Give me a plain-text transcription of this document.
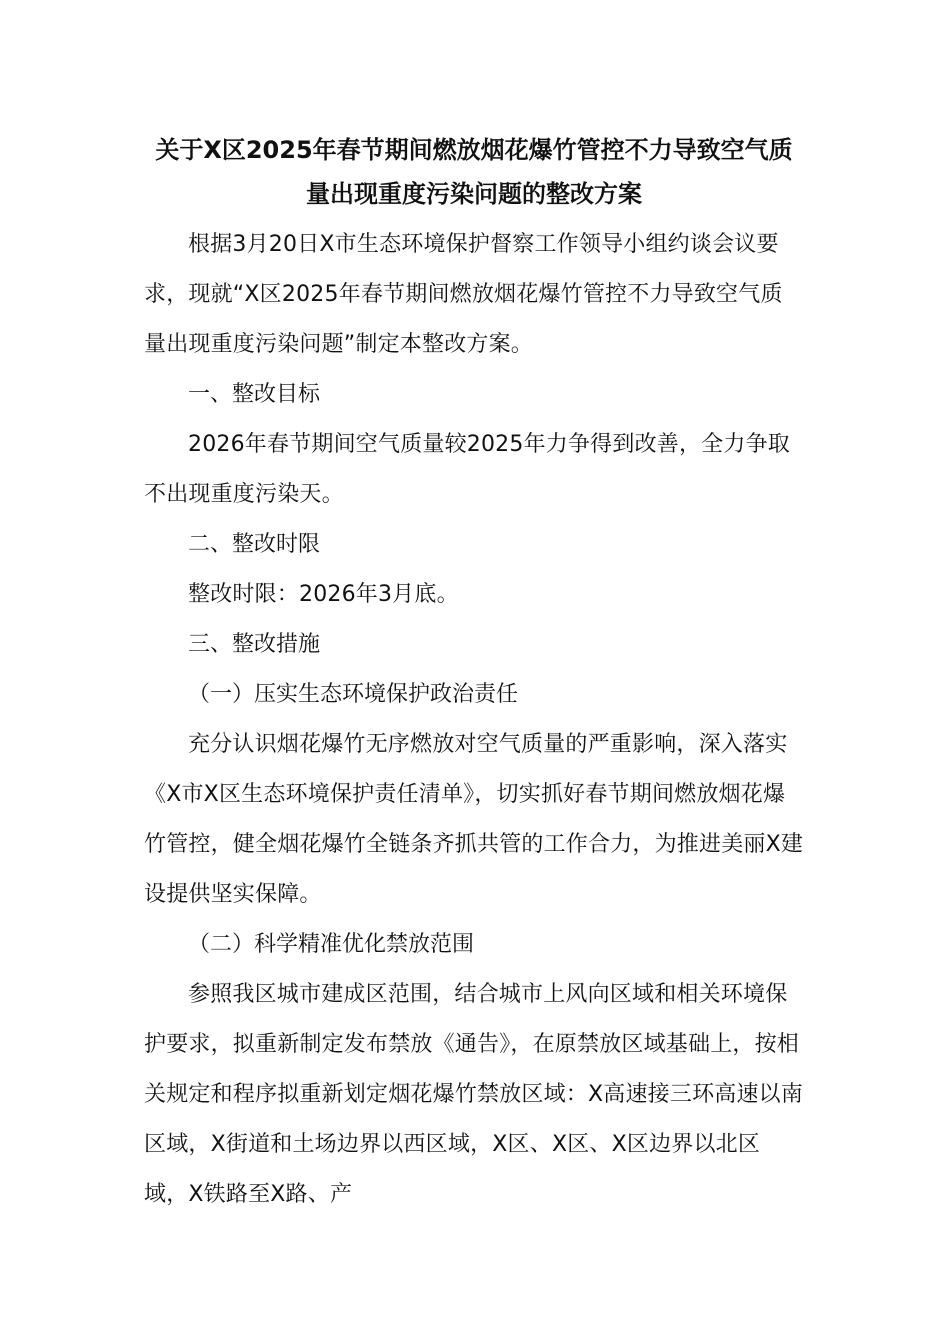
关于X区2025年春节期间燃放烟花爆竹管控不力导致空气质量出现重度污染问题的整改方案

根据3月20日X市生态环境保护督察工作领导小组约谈会议要求，现就“X区2025年春节期间燃放烟花爆竹管控不力导致空气质量出现重度污染问题”制定本整改方案。

一、整改目标

2026年春节期间空气质量较2025年力争得到改善，全力争取不出现重度污染天。

二、整改时限

整改时限：2026年3月底。

三、整改措施

（一）压实生态环境保护政治责任

充分认识烟花爆竹无序燃放对空气质量的严重影响，深入落实《X市X区生态环境保护责任清单》，切实抓好春节期间燃放烟花爆竹管控，健全烟花爆竹全链条齐抓共管的工作合力，为推进美丽X建设提供坚实保障。

（二）科学精准优化禁放范围

参照我区城市建成区范围，结合城市上风向区域和相关环境保护要求，拟重新制定发布禁放《通告》，在原禁放区域基础上，按相关规定和程序拟重新划定烟花爆竹禁放区域：X高速接三环高速以南区域，X街道和土场边界以西区域，X区、X区、X区边界以北区域，X铁路至X路、产
